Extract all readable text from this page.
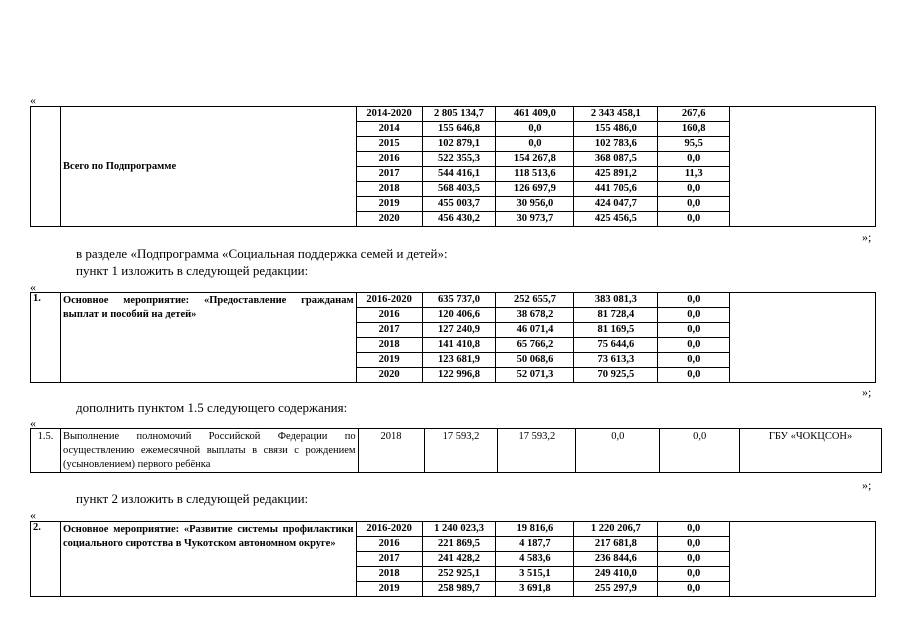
«
	Всего по Подпрограмме	2014-2020	2 805 134,7	461 409,0	2 343 458,1	267,6	
		2014	155 646,8	0,0	155 486,0	160,8	
		2015	102 879,1	0,0	102 783,6	95,5	
		2016	522 355,3	154 267,8	368 087,5	0,0	
		2017	544 416,1	118 513,6	425 891,2	11,3	
		2018	568 403,5	126 697,9	441 705,6	0,0	
		2019	455 003,7	30 956,0	424 047,7	0,0	
		2020	456 430,2	30 973,7	425 456,5	0,0	
»;
в разделе «Подпрограмма «Социальная поддержка семей и детей»:
пункт 1 изложить в следующей редакции:
«
1.	Основное мероприятие: «Предоставление гражданам выплат и пособий на детей»	2016-2020	635 737,0	252 655,7	383 081,3	0,0	
		2016	120 406,6	38 678,2	81 728,4	0,0	
		2017	127 240,9	46 071,4	81 169,5	0,0	
		2018	141 410,8	65 766,2	75 644,6	0,0	
		2019	123 681,9	50 068,6	73 613,3	0,0	
		2020	122 996,8	52 071,3	70 925,5	0,0	
»;
дополнить пунктом 1.5 следующего содержания:
«
1.5.	Выполнение полномочий Российской Федерации по осуществлению ежемесячной выплаты в связи с рождением (усыновлением) первого ребёнка	2018	17 593,2	17 593,2	0,0	0,0	ГБУ «ЧОКЦСОН»
»;
пункт 2 изложить в следующей редакции:
«
2.	Основное мероприятие: «Развитие системы профилактики социального сиротства в Чукотском автономном округе»	2016-2020	1 240 023,3	19 816,6	1 220 206,7	0,0	
		2016	221 869,5	4 187,7	217 681,8	0,0	
		2017	241 428,2	4 583,6	236 844,6	0,0	
		2018	252 925,1	3 515,1	249 410,0	0,0	
		2019	258 989,7	3 691,8	255 297,9	0,0	
